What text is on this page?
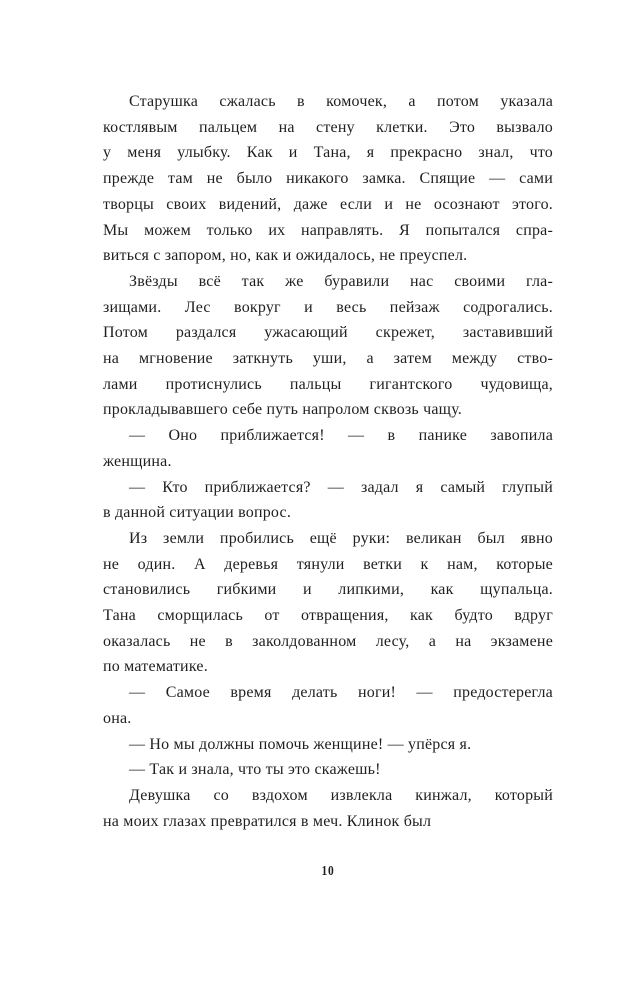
Старушка сжалась в комочек, а потом указала
костлявым пальцем на стену клетки. Это вызвало
у меня улыбку. Как и Тана, я прекрасно знал, что
прежде там не было никакого замка. Спящие — сами
творцы своих видений, даже если и не осознают этого.
Мы можем только их направлять. Я попытался спра-
виться с запором, но, как и ожидалось, не преуспел.

Звёзды всё так же буравили нас своими гла-
зищами. Лес вокруг и весь пейзаж содрогались.
Потом раздался ужасающий скрежет, заставивший
на мгновение заткнуть уши, а затем между ство-
лами протиснулись пальцы гигантского чудовища,
прокладывавшего себе путь напролом сквозь чащу.

— Оно приближается! — в панике завопила
женщина.

— Кто приближается? — задал я самый глупый
в данной ситуации вопрос.

Из земли пробились ещё руки: великан был явно
не один. А деревья тянули ветки к нам, которые
становились гибкими и липкими, как щупальца.
Тана сморщилась от отвращения, как будто вдруг
оказалась не в заколдованном лесу, а на экзамене
по математике.

— Самое время делать ноги! — предостерегла
она.

— Но мы должны помочь женщине! — упёрся я.

— Так и знала, что ты это скажешь!

Девушка со вздохом извлекла кинжал, который
на моих глазах превратился в меч. Клинок был

10
